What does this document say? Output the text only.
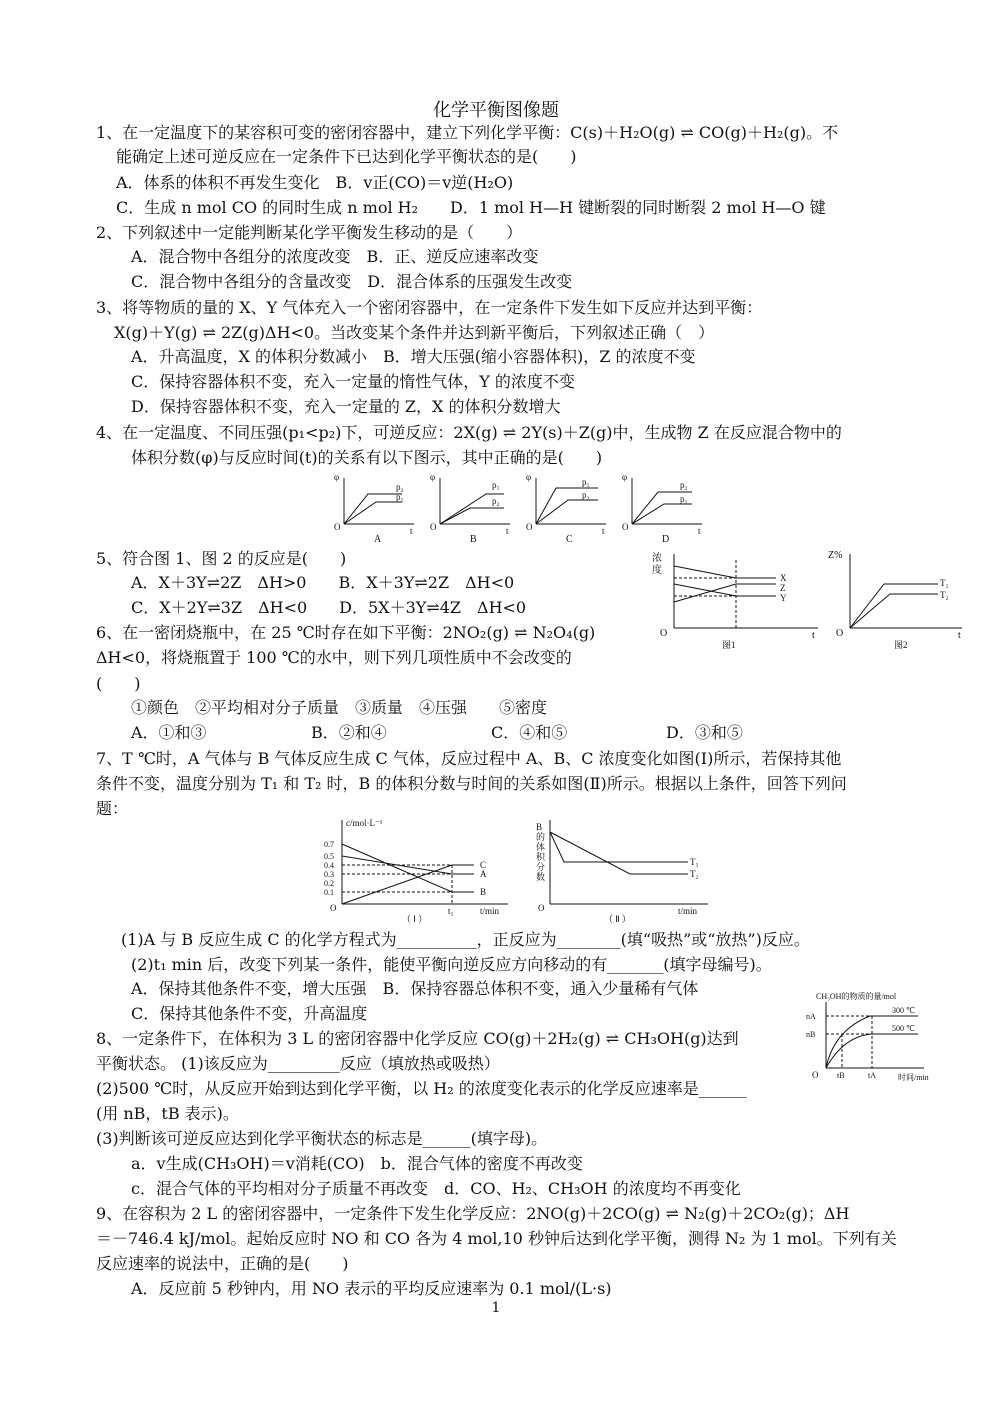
化学平衡图像题
1、在一定温度下的某容积可变的密闭容器中，建立下列化学平衡：C(s)＋H₂O(g) ⇌ CO(g)＋H₂(g)。不
能确定上述可逆反应在一定条件下已达到化学平衡状态的是(　　)
A．体系的体积不再发生变化　B．v正(CO)＝v逆(H₂O)
C．生成 n mol CO 的同时生成 n mol H₂　　D．1 mol H—H 键断裂的同时断裂 2 mol H—O 键
2、下列叙述中一定能判断某化学平衡发生移动的是（　　）
A．混合物中各组分的浓度改变　B．正、逆反应速率改变
C．混合物中各组分的含量改变　D．混合体系的压强发生改变
3、将等物质的量的 X、Y 气体充入一个密闭容器中，在一定条件下发生如下反应并达到平衡：
X(g)＋Y(g) ⇌ 2Z(g)ΔH<0。当改变某个条件并达到新平衡后，下列叙述正确（　）
A．升高温度，X 的体积分数减小　B．增大压强(缩小容器体积)，Z 的浓度不变
C．保持容器体积不变，充入一定量的惰性气体，Y 的浓度不变
D．保持容器体积不变，充入一定量的 Z，X 的体积分数增大
4、在一定温度、不同压强(p₁<p₂)下，可逆反应：2X(g) ⇌ 2Y(s)＋Z(g)中，生成物 Z 在反应混合物中的
体积分数(φ)与反应时间(t)的关系有以下图示，其中正确的是(　　)
φ
O	t
p₂
p₁
A
φ
O	t
p₁
p₂
B
φ
O	t
p₁
p₂
C
φ
O	t
p₂
p₁
D
5、符合图 1、图 2 的反应是(　　)
A．X＋3Y⇌2Z　ΔH>0　　B．X＋3Y⇌2Z　ΔH<0
C．X＋2Y⇌3Z　ΔH<0　　D．5X＋3Y⇌4Z　ΔH<0
浓
度
O	t
X
Z
Y
图1
Z%
O	t
T₁
T₂
图2
6、在一密闭烧瓶中，在 25 ℃时存在如下平衡：2NO₂(g) ⇌ N₂O₄(g)
ΔH<0，将烧瓶置于 100 ℃的水中，则下列几项性质中不会改变的
(　　)
①颜色　②平均相对分子质量　③质量　④压强　　⑤密度
A．①和③	B．②和④	C．④和⑤	D．③和⑤
7、T ℃时，A 气体与 B 气体反应生成 C 气体，反应过程中 A、B、C 浓度变化如图(Ⅰ)所示，若保持其他
条件不变，温度分别为 T₁ 和 T₂ 时，B 的体积分数与时间的关系如图(Ⅱ)所示。根据以上条件，回答下列问
题：
c/mol·L⁻¹
0.7
0.5
0.4
0.3
0.2
0.1
O
C
A
B
t₁	t/min
（ Ⅰ ）
B
的
体
积
分
数
O
T₁
T₂
t/min
（ Ⅱ ）
(1)A 与 B 反应生成 C 的化学方程式为__________，正反应为________(填“吸热”或“放热”)反应。
(2)t₁ min 后，改变下列某一条件，能使平衡向逆反应方向移动的有_______(填字母编号)。
A．保持其他条件不变，增大压强　B．保持容器总体积不变，通入少量稀有气体
C．保持其他条件不变，升高温度
CH₃OH的物质的量/mol
nA
nB
300 ℃
500 ℃
O tB	tA	时间/min
8、一定条件下，在体积为 3 L 的密闭容器中化学反应 CO(g)＋2H₂(g) ⇌ CH₃OH(g)达到
平衡状态。 (1)该反应为_________反应（填放热或吸热）
(2)500 ℃时，从反应开始到达到化学平衡，以 H₂ 的浓度变化表示的化学反应速率是______
(用 nB，tB 表示)。
(3)判断该可逆反应达到化学平衡状态的标志是______(填字母)。
a．v生成(CH₃OH)＝v消耗(CO)　b．混合气体的密度不再改变
c．混合气体的平均相对分子质量不再改变　d．CO、H₂、CH₃OH 的浓度均不再变化
9、在容积为 2 L 的密闭容器中，一定条件下发生化学反应：2NO(g)＋2CO(g) ⇌ N₂(g)＋2CO₂(g)；ΔH
＝－746.4 kJ/mol。起始反应时 NO 和 CO 各为 4 mol,10 秒钟后达到化学平衡，测得 N₂ 为 1 mol。下列有关
反应速率的说法中，正确的是(　　)
A．反应前 5 秒钟内，用 NO 表示的平均反应速率为 0.1 mol/(L·s)
1
